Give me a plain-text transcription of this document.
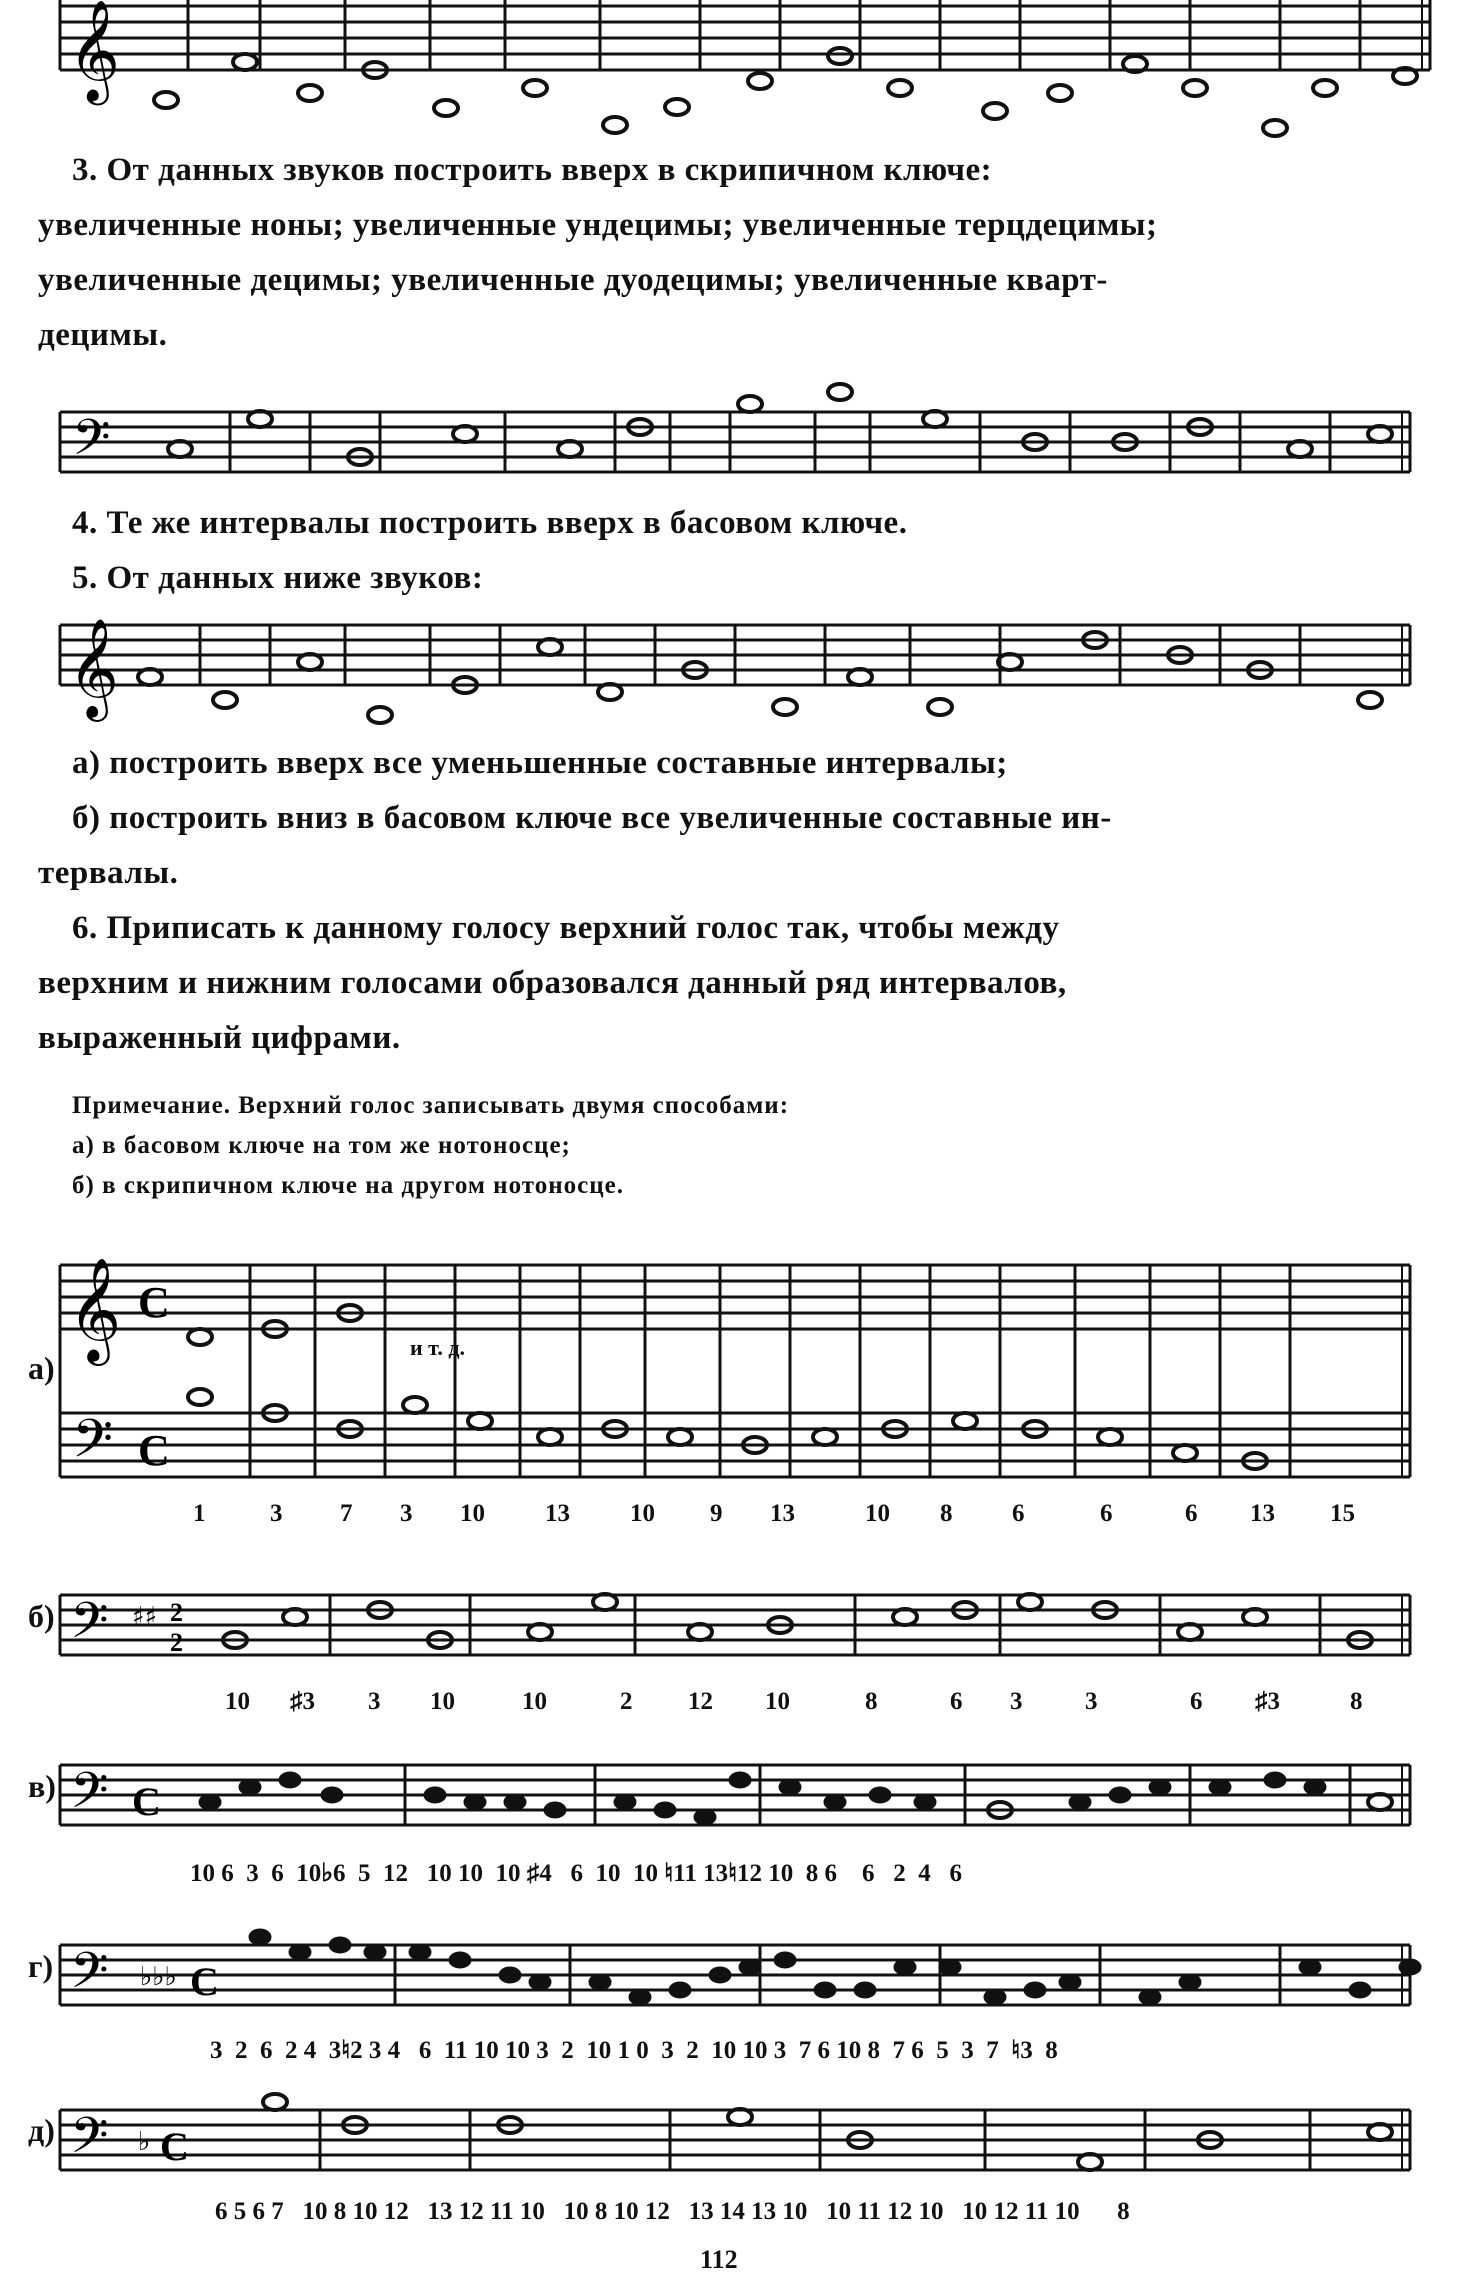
𝄞
3. От данных звуков построить вверх в скрипичном ключе:
увеличенные ноны; увеличенные ундецимы; увеличенные терцдецимы;
увеличенные децимы; увеличенные дуодецимы; увеличенные кварт-
децимы.
𝄢
4. Те же интервалы построить вверх в басовом ключе.
5. От данных ниже звуков:
𝄞
а) построить вверх все уменьшенные составные интервалы;
б) построить вниз в басовом ключе все увеличенные составные ин-
тервалы.
6. Приписать к данному голосу верхний голос так, чтобы между
верхним и нижним голосами образовался данный ряд интервалов,
выраженный цифрами.
Примечание. Верхний голос записывать двумя способами:
а) в басовом ключе на том же нотоносце;
б) в скрипичном ключе на другом нотоносце.
а)
𝄞 C
𝄢 C
и т. д.
1	3 7 3 10 13 10 9 13	10 8 6	6	6 13 15
б) 𝄢 ♯♯ 2
2
10 ♯3 3 10	10	2 12 10	8	6 3	3	6 ♯3	8
в) 𝄢 C
10 6  3  6  10♭6  5  12   10 10  10 ♯4   6  10  10 ♮11 13♮12 10  8 6    6   2  4   6
г) 𝄢 ♭♭♭ C
3  2  6  2 4  3♮2 3 4   6  11 10 10 3  2  10 1 0  3  2  10 10 3  7 6 10 8  7 6  5  3  7  ♮3  8
д) 𝄢 ♭ C
6 5 6 7   10 8 10 12   13 12 11 10   10 8 10 12   13 14 13 10   10 11 12 10   10 12 11 10      8
112
